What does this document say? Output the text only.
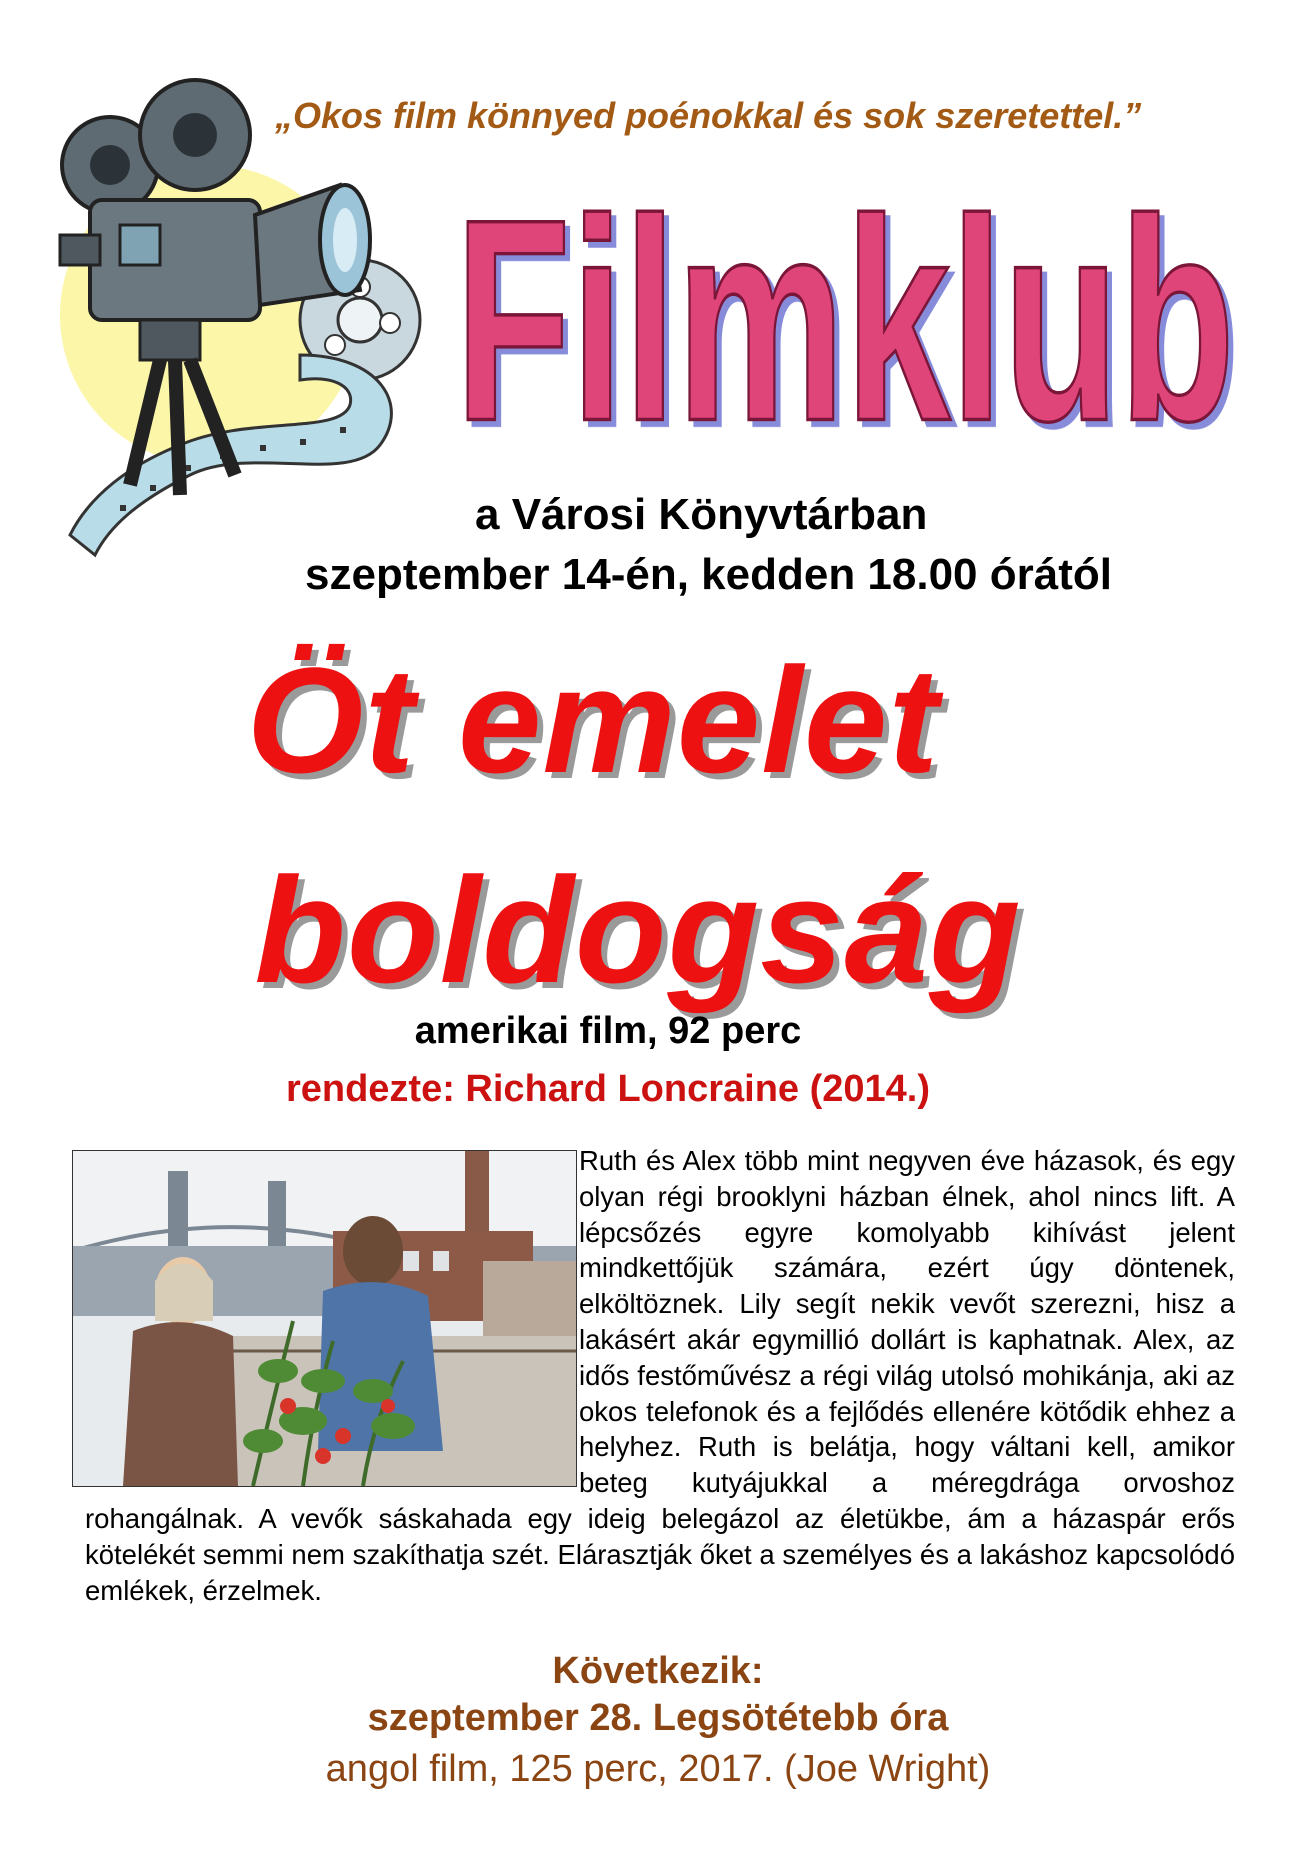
„Okos film könnyed poénokkal és sok szeretettel.”
Filmklub
a Városi Könyvtárban
szeptember 14-én, kedden 18.00 órától
Öt emelet
boldogság
amerikai film, 92 perc
rendezte: Richard Loncraine (2014.)
Ruth és Alex több mint negyven éve házasok, és egy olyan régi brooklyni házban élnek, ahol nincs lift. A lépcsőzés egyre komolyabb kihívást jelent mindkettőjük számára, ezért úgy döntenek, elköltöznek. Lily segít nekik vevőt szerezni, hisz a lakásért akár egymillió dollárt is kaphatnak. Alex, az idős festőművész a régi világ utolsó mohikánja, aki az okos telefonok és a fejlődés ellenére kötődik ehhez a helyhez. Ruth is belátja, hogy váltani kell, amikor beteg kutyájukkal a méregdrága orvoshoz rohangálnak. A vevők sáskahada egy ideig belegázol az életükbe, ám a házaspár erős kötelékét semmi nem szakíthatja szét. Elárasztják őket a személyes és a lakáshoz kapcsolódó emlékek, érzelmek.
Következik:
szeptember 28. Legsötétebb óra
angol film, 125 perc, 2017. (Joe Wright)
